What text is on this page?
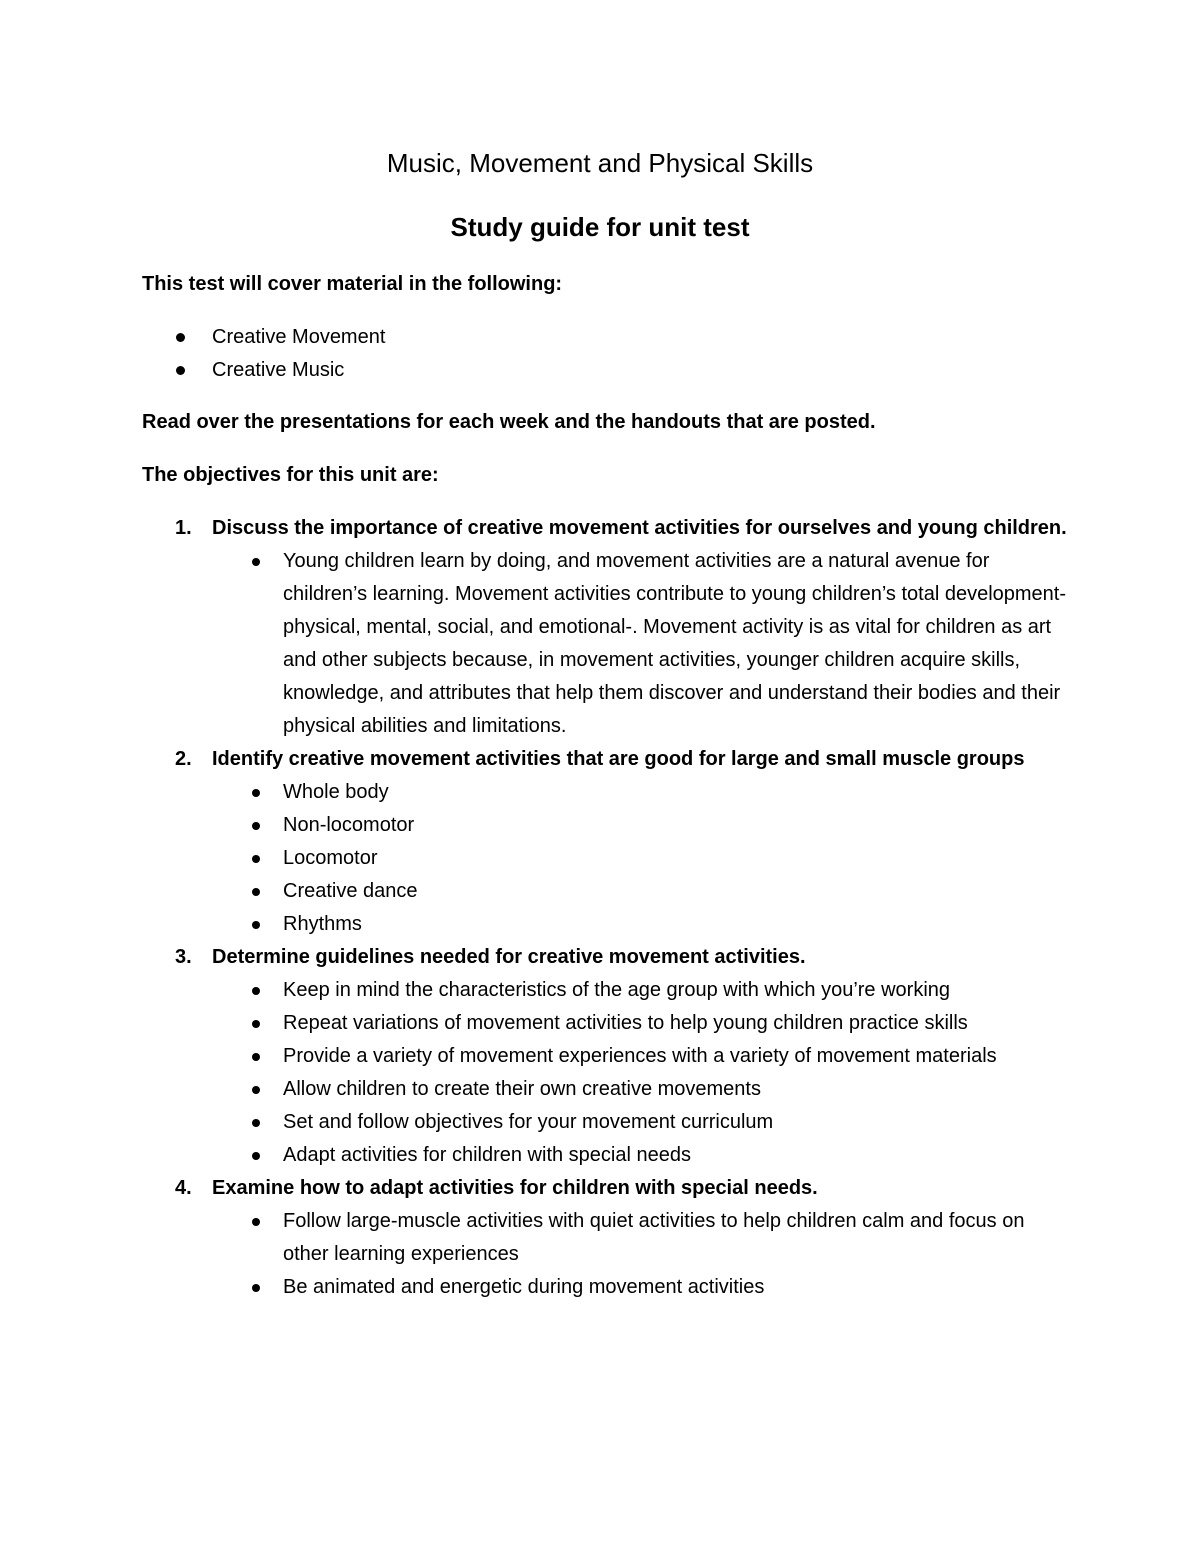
Music, Movement and Physical Skills
Study guide for unit test
This test will cover material in the following:
Creative Movement
Creative Music
Read over the presentations for each week and the handouts that are posted.
The objectives for this unit are:
1. Discuss the importance of creative movement activities for ourselves and young children.
Young children learn by doing, and movement activities are a natural avenue for children’s learning. Movement activities contribute to young children’s total development- physical, mental, social, and emotional-. Movement activity is as vital for children as art and other subjects because, in movement activities, younger children acquire skills, knowledge, and attributes that help them discover and understand their bodies and their physical abilities and limitations.
2. Identify creative movement activities that are good for large and small muscle groups
Whole body
Non-locomotor
Locomotor
Creative dance
Rhythms
3. Determine guidelines needed for creative movement activities.
Keep in mind the characteristics of the age group with which you’re working
Repeat variations of movement activities to help young children practice skills
Provide a variety of movement experiences with a variety of movement materials
Allow children to create their own creative movements
Set and follow objectives for your movement curriculum
Adapt activities for children with special needs
4. Examine how to adapt activities for children with special needs.
Follow large-muscle activities with quiet activities to help children calm and focus on other learning experiences
Be animated and energetic during movement activities
